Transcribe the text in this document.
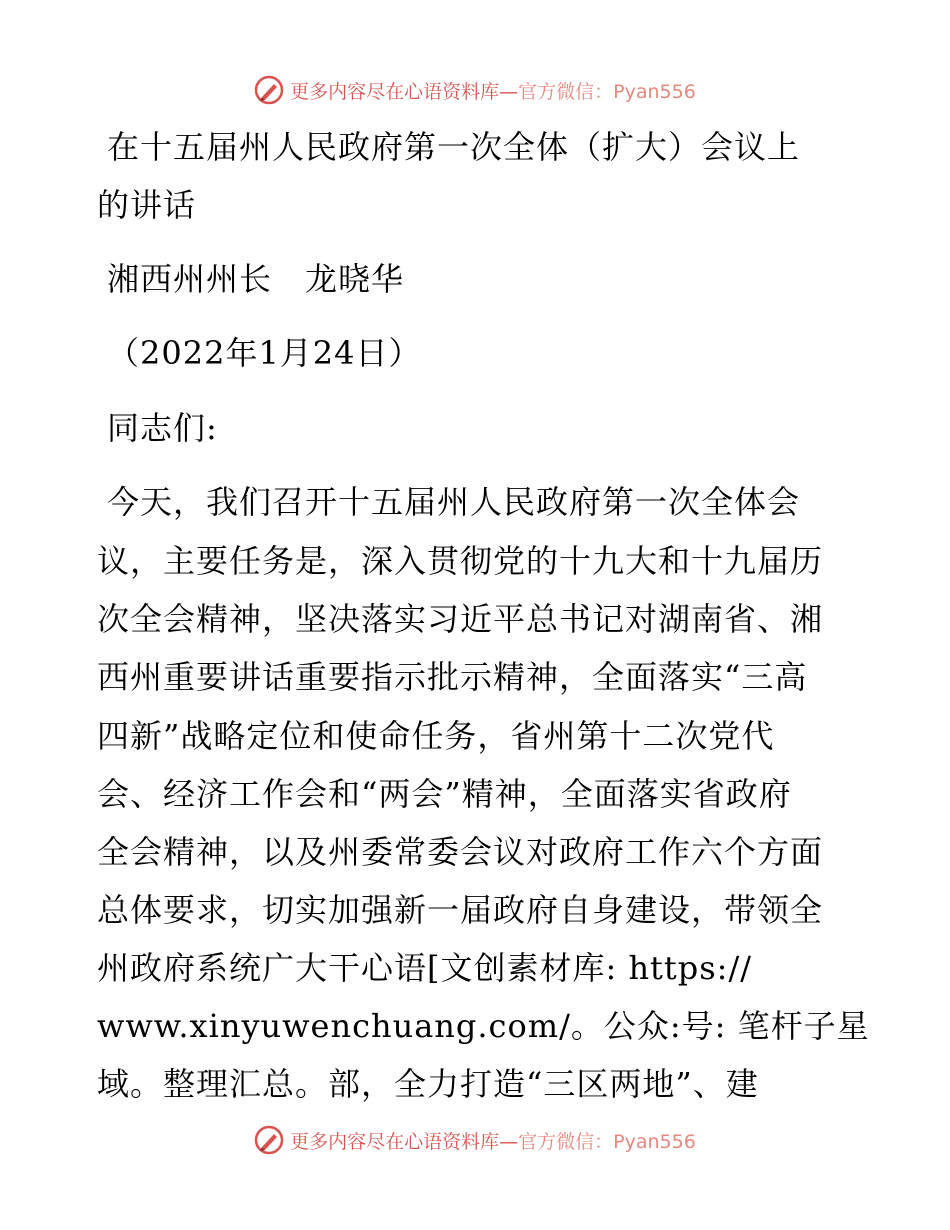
更多内容尽在心语资料库—官方微信：Pyan556
在十五届州人民政府第一次全体（扩大）会议上
的讲话
湘西州州长　龙晓华
（2022年1月24日）
同志们:
今天，我们召开十五届州人民政府第一次全体会
议，主要任务是，深入贯彻党的十九大和十九届历
次全会精神，坚决落实习近平总书记对湖南省、湘
西州重要讲话重要指示批示精神，全面落实“三高
四新”战略定位和使命任务，省州第十二次党代
会、经济工作会和“两会”精神，全面落实省政府
全会精神，以及州委常委会议对政府工作六个方面
总体要求，切实加强新一届政府自身建设，带领全
州政府系统广大干心语[文创素材库: https://
www.xinyuwenchuang.com/。公众:号: 笔杆子星
域。整理汇总。部，全力打造“三区两地”、建
更多内容尽在心语资料库—官方微信：Pyan556
